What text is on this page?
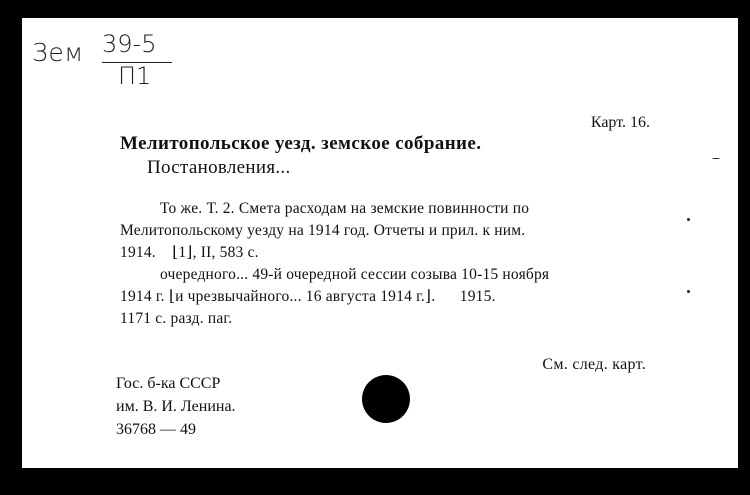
Зем 39-5
П1
Карт. 16.
Мелитопольское уезд. земское собрание.
Постановления...
То же. Т. 2. Смета расходам на земские повинности по
Мелитопольскому уезду на 1914 год. Отчеты и прил. к ним.
1914.    ⌊1⌋, II, 583 с.
очередного... 49-й очередной сессии созыва 10-15 ноября
1914 г. ⌊и чрезвычайного... 16 августа 1914 г.⌋.      1915.
1171 с. разд. паг.
См. след. карт.
Гос. б-ка СССР
им. В. И. Ленина.
36768 — 49
